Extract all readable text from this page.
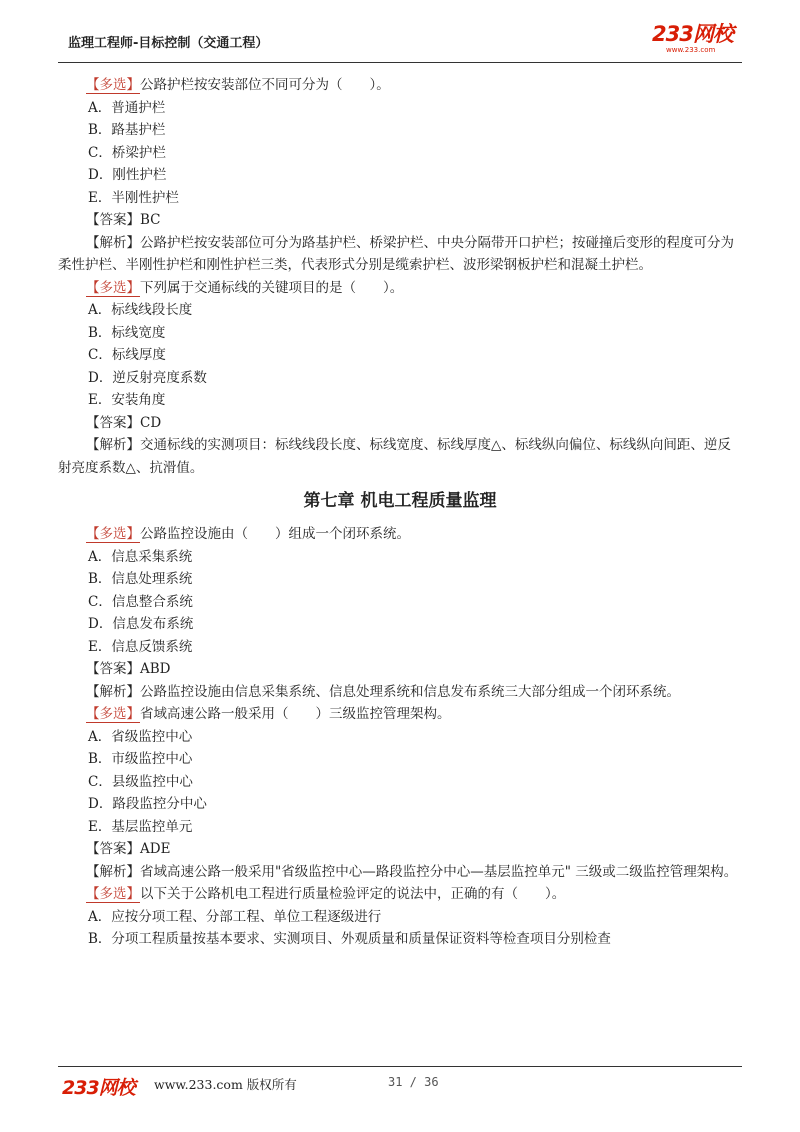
监理工程师-目标控制（交通工程）	233网校
www.233.com

【多选】公路护栏按安装部位不同可分为（　　）。

A．普通护栏

B．路基护栏

C．桥梁护栏

D．刚性护栏

E．半刚性护栏

【答案】BC

【解析】公路护栏按安装部位可分为路基护栏、桥梁护栏、中央分隔带开口护栏；按碰撞后变形的程度可分为柔性护栏、半刚性护栏和刚性护栏三类，代表形式分别是缆索护栏、波形梁钢板护栏和混凝土护栏。

【多选】下列属于交通标线的关键项目的是（　　）。

A．标线线段长度

B．标线宽度

C．标线厚度

D．逆反射亮度系数

E．安装角度

【答案】CD

【解析】交通标线的实测项目：标线线段长度、标线宽度、标线厚度△、标线纵向偏位、标线纵向间距、逆反射亮度系数△、抗滑值。

第七章 机电工程质量监理

【多选】公路监控设施由（　　）组成一个闭环系统。

A．信息采集系统

B．信息处理系统

C．信息整合系统

D．信息发布系统

E．信息反馈系统

【答案】ABD

【解析】公路监控设施由信息采集系统、信息处理系统和信息发布系统三大部分组成一个闭环系统。

【多选】省域高速公路一般采用（　　）三级监控管理架构。

A．省级监控中心

B．市级监控中心

C．县级监控中心

D．路段监控分中心

E．基层监控单元

【答案】ADE

【解析】省域高速公路一般采用"省级监控中心—路段监控分中心—基层监控单元" 三级或二级监控管理架构。

【多选】以下关于公路机电工程进行质量检验评定的说法中，正确的有（　　）。

A．应按分项工程、分部工程、单位工程逐级进行

B．分项工程质量按基本要求、实测项目、外观质量和质量保证资料等检查项目分别检查

233网校 www.233.com 版权所有	31 / 36
